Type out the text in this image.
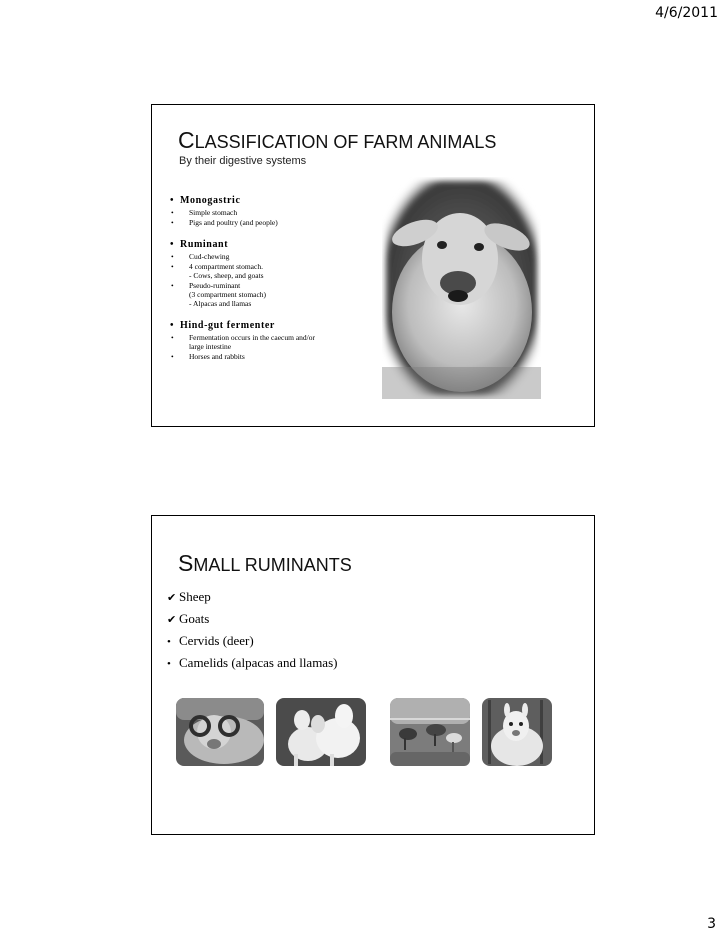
4/6/2011
CLASSIFICATION OF FARM ANIMALS
By their digestive systems
• Monogastric
•	Simple stomach
•	Pigs and poultry (and people)
• Ruminant
•	Cud-chewing
•	4 compartment stomach.
- Cows, sheep, and goats
•	Pseudo-ruminant
(3 compartment stomach)
- Alpacas and llamas
• Hind-gut fermenter
•	Fermentation occurs in the caecum and/or
large intestine
•	Horses and rabbits
SMALL RUMINANTS
✔ Sheep
✔ Goats
• Cervids (deer)
• Camelids (alpacas and llamas)
3
